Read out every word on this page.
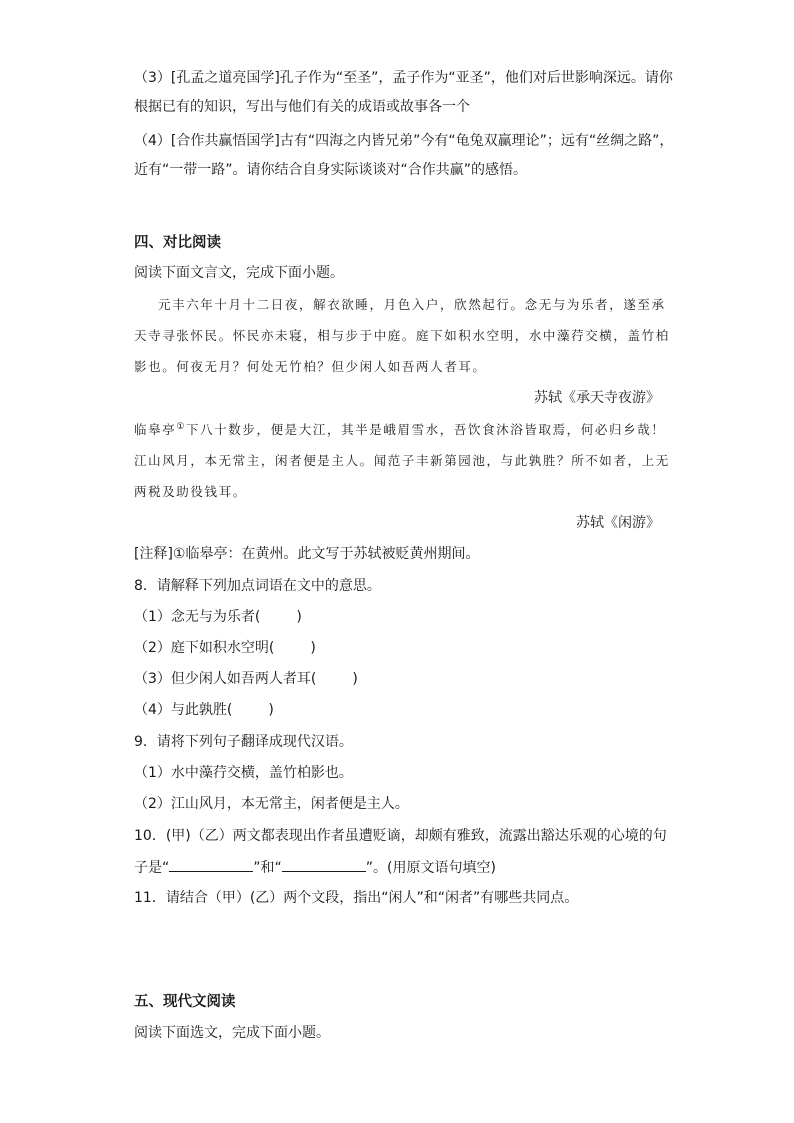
（3）[孔孟之道亮国学]孔子作为“至圣”，孟子作为“亚圣”，他们对后世影响深远。请你
根据已有的知识，写出与他们有关的成语或故事各一个
（4）[合作共赢悟国学]古有“四海之内皆兄弟”今有“龟兔双赢理论”；远有“丝绸之路”，
近有“一带一路”。请你结合自身实际谈谈对“合作共赢”的感悟。
四、对比阅读
阅读下面文言文，完成下面小题。
元丰六年十月十二日夜，解衣欲睡，月色入户，欣然起行。念无与为乐者，遂至承
天寺寻张怀民。怀民亦未寝，相与步于中庭。庭下如积水空明，水中藻荇交横，盖竹柏
影也。何夜无月？何处无竹柏？但少闲人如吾两人者耳。
苏轼《承天寺夜游》
临皋亭①下八十数步，便是大江，其半是峨眉雪水，吾饮食沐浴皆取焉，何必归乡哉！
江山风月，本无常主，闲者便是主人。闻范子丰新第园池，与此孰胜？所不如者，上无
两税及助役钱耳。
苏轼《闲游》
[注释]①临皋亭：在黄州。此文写于苏轼被贬黄州期间。
8．请解释下列加点词语在文中的意思。
（1）念无与为乐者(	)
（2）庭下如积水空明(	)
（3）但少闲人如吾两人者耳(	)
（4）与此孰胜(	)
9．请将下列句子翻译成现代汉语。
（1）水中藻荇交横，盖竹柏影也。
（2）江山风月，本无常主，闲者便是主人。
10．(甲)（乙）两文都表现出作者虽遭贬谪，却颇有雅致，流露出豁达乐观的心境的句
子是“	”和“	”。(用原文语句填空)
11．请结合（甲）(乙）两个文段，指出“闲人”和“闲者”有哪些共同点。
五、现代文阅读
阅读下面选文，完成下面小题。
